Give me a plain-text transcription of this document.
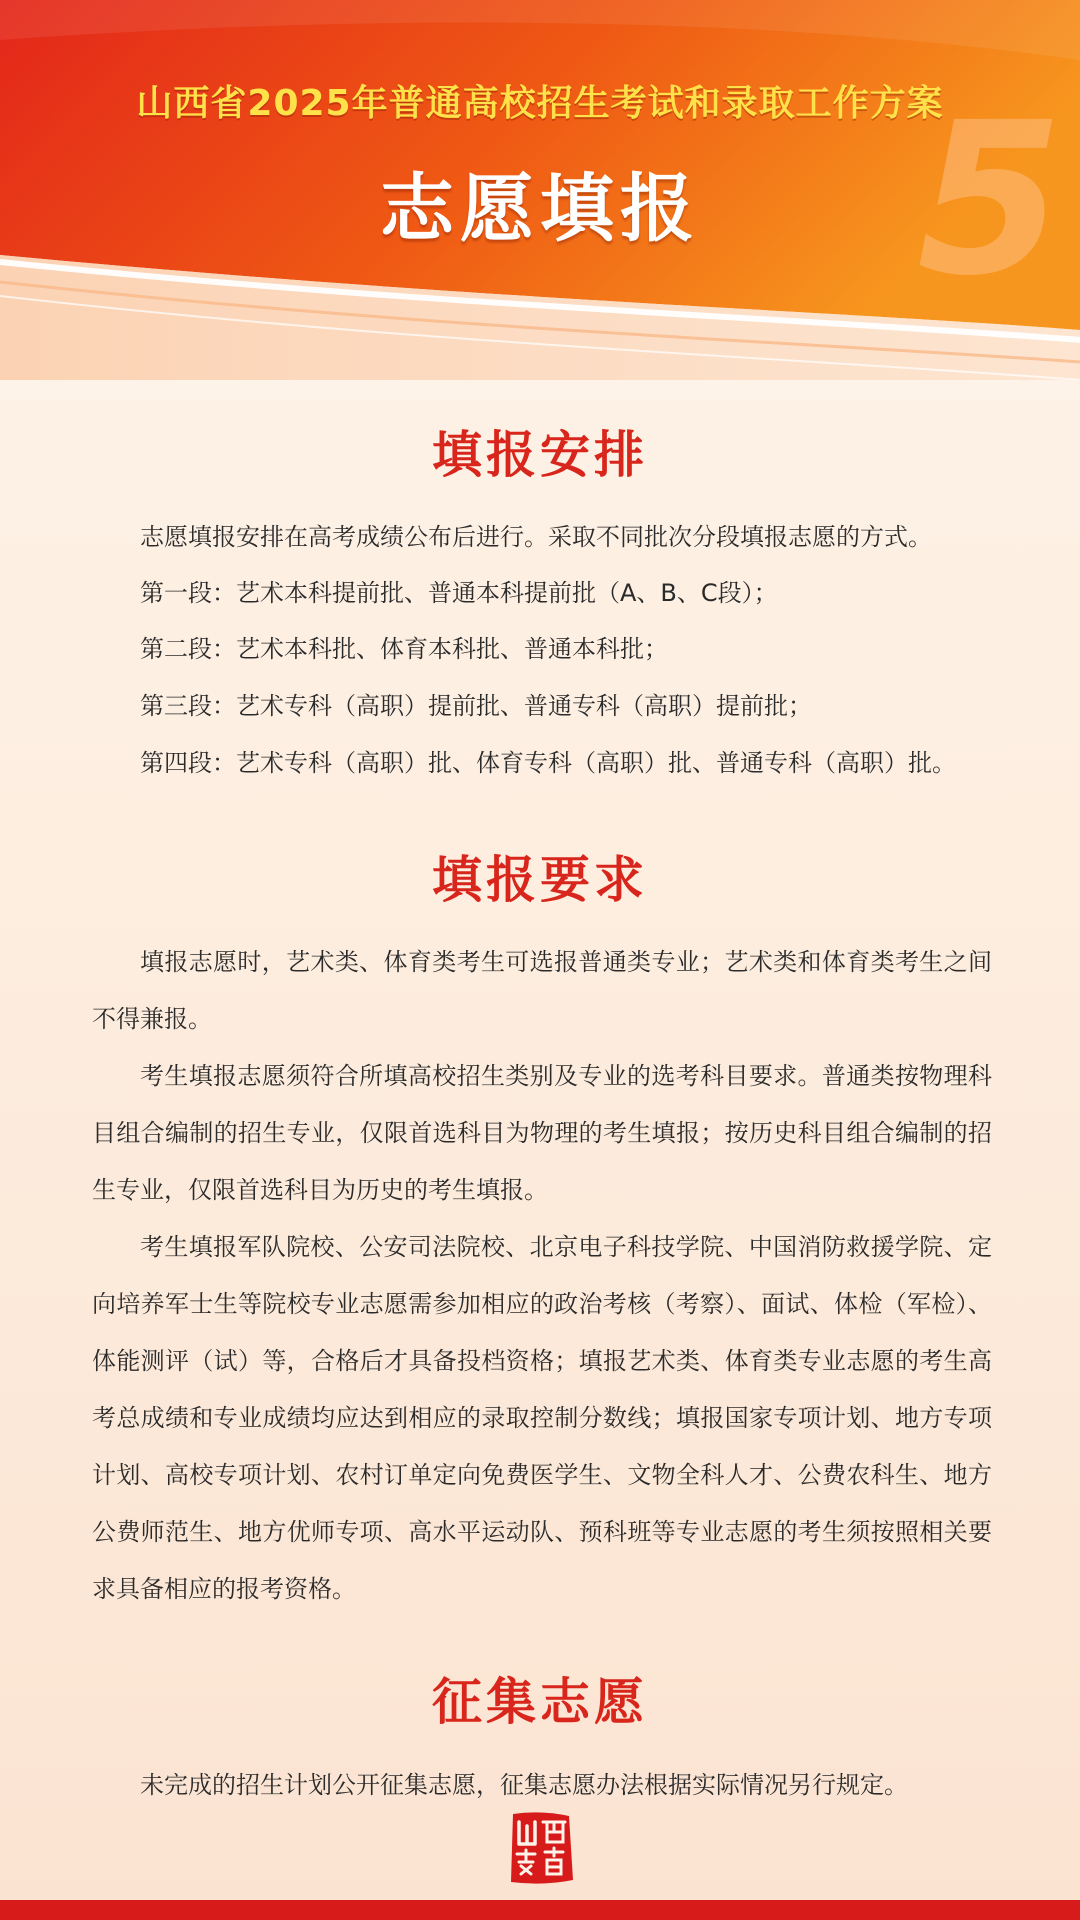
5
山西省2025年普通高校招生考试和录取工作方案
志愿填报
填报安排

志愿填报安排在高考成绩公布后进行。采取不同批次分段填报志愿的方式。

第一段：艺术本科提前批、普通本科提前批（A、B、C段）；

第二段：艺术本科批、体育本科批、普通本科批；

第三段：艺术专科（高职）提前批、普通专科（高职）提前批；

第四段：艺术专科（高职）批、体育专科（高职）批、普通专科（高职）批。

填报要求

填报志愿时，艺术类、体育类考生可选报普通类专业；艺术类和体育类考生之间不得兼报。

考生填报志愿须符合所填高校招生类别及专业的选考科目要求。普通类按物理科目组合编制的招生专业，仅限首选科目为物理的考生填报；按历史科目组合编制的招生专业，仅限首选科目为历史的考生填报。

考生填报军队院校、公安司法院校、北京电子科技学院、中国消防救援学院、定向培养军士生等院校专业志愿需参加相应的政治考核（考察）、面试、体检（军检）、体能测评（试）等，合格后才具备投档资格；填报艺术类、体育类专业志愿的考生高考总成绩和专业成绩均应达到相应的录取控制分数线；填报国家专项计划、地方专项计划、高校专项计划、农村订单定向免费医学生、文物全科人才、公费农科生、地方公费师范生、地方优师专项、高水平运动队、预科班等专业志愿的考生须按照相关要求具备相应的报考资格。

征集志愿

未完成的招生计划公开征集志愿，征集志愿办法根据实际情况另行规定。
